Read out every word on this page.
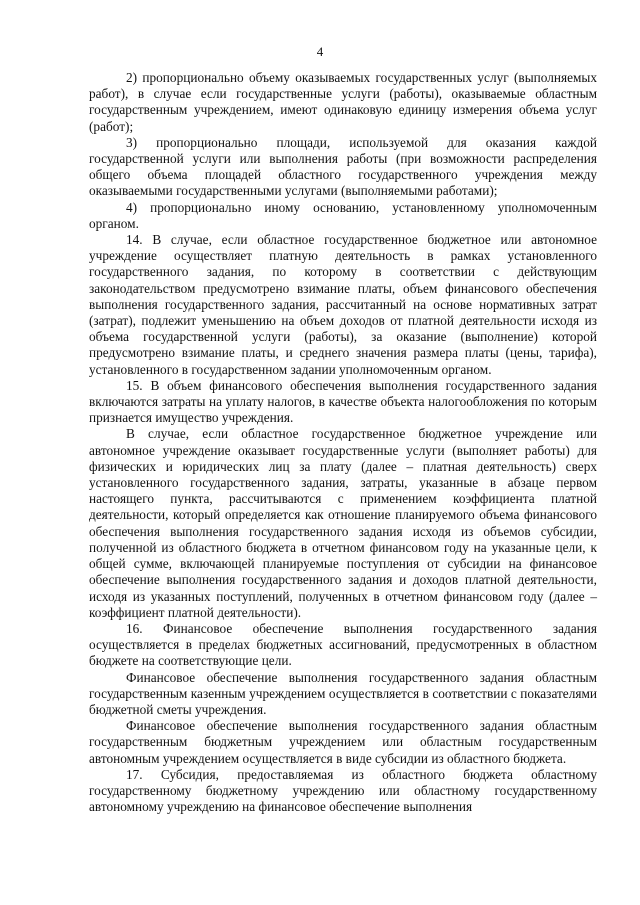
4

2) пропорционально объему оказываемых государственных услуг (выполняемых работ), в случае если государственные услуги (работы), оказываемые областным государственным учреждением, имеют одинаковую единицу измерения объема услуг (работ);

3) пропорционально площади, используемой для оказания каждой государственной услуги или выполнения работы (при возможности распределения общего объема площадей областного государственного учреждения между оказываемыми государственными услугами (выполняемыми работами);

4) пропорционально иному основанию, установленному уполномоченным органом.

14. В случае, если областное государственное бюджетное или автономное учреждение осуществляет платную деятельность в рамках установленного государственного задания, по которому в соответствии с действующим законодательством предусмотрено взимание платы, объем финансового обеспечения выполнения государственного задания, рассчитанный на основе нормативных затрат (затрат), подлежит уменьшению на объем доходов от платной деятельности исходя из объема государственной услуги (работы), за оказание (выполнение) которой предусмотрено взимание платы, и среднего значения размера платы (цены, тарифа), установленного в государственном задании уполномоченным органом.

15. В объем финансового обеспечения выполнения государственного задания включаются затраты на уплату налогов, в качестве объекта налогообложения по которым признается имущество учреждения.

В случае, если областное государственное бюджетное учреждение или автономное учреждение оказывает государственные услуги (выполняет работы) для физических и юридических лиц за плату (далее – платная деятельность) сверх установленного государственного задания, затраты, указанные в абзаце первом настоящего пункта, рассчитываются с применением коэффициента платной деятельности, который определяется как отношение планируемого объема финансового обеспечения выполнения государственного задания исходя из объемов субсидии, полученной из областного бюджета в отчетном финансовом году на указанные цели, к общей сумме, включающей планируемые поступления от субсидии на финансовое обеспечение выполнения государственного задания и доходов платной деятельности, исходя из указанных поступлений, полученных в отчетном финансовом году (далее – коэффициент платной деятельности).

16. Финансовое обеспечение выполнения государственного задания осуществляется в пределах бюджетных ассигнований, предусмотренных в областном бюджете на соответствующие цели.

Финансовое обеспечение выполнения государственного задания областным государственным казенным учреждением осуществляется в соответствии с показателями бюджетной сметы учреждения.

Финансовое обеспечение выполнения государственного задания областным государственным бюджетным учреждением или областным государственным автономным учреждением осуществляется в виде субсидии из областного бюджета.

17. Субсидия, предоставляемая из областного бюджета областному государственному бюджетному учреждению или областному государственному автономному учреждению на финансовое обеспечение выполнения
